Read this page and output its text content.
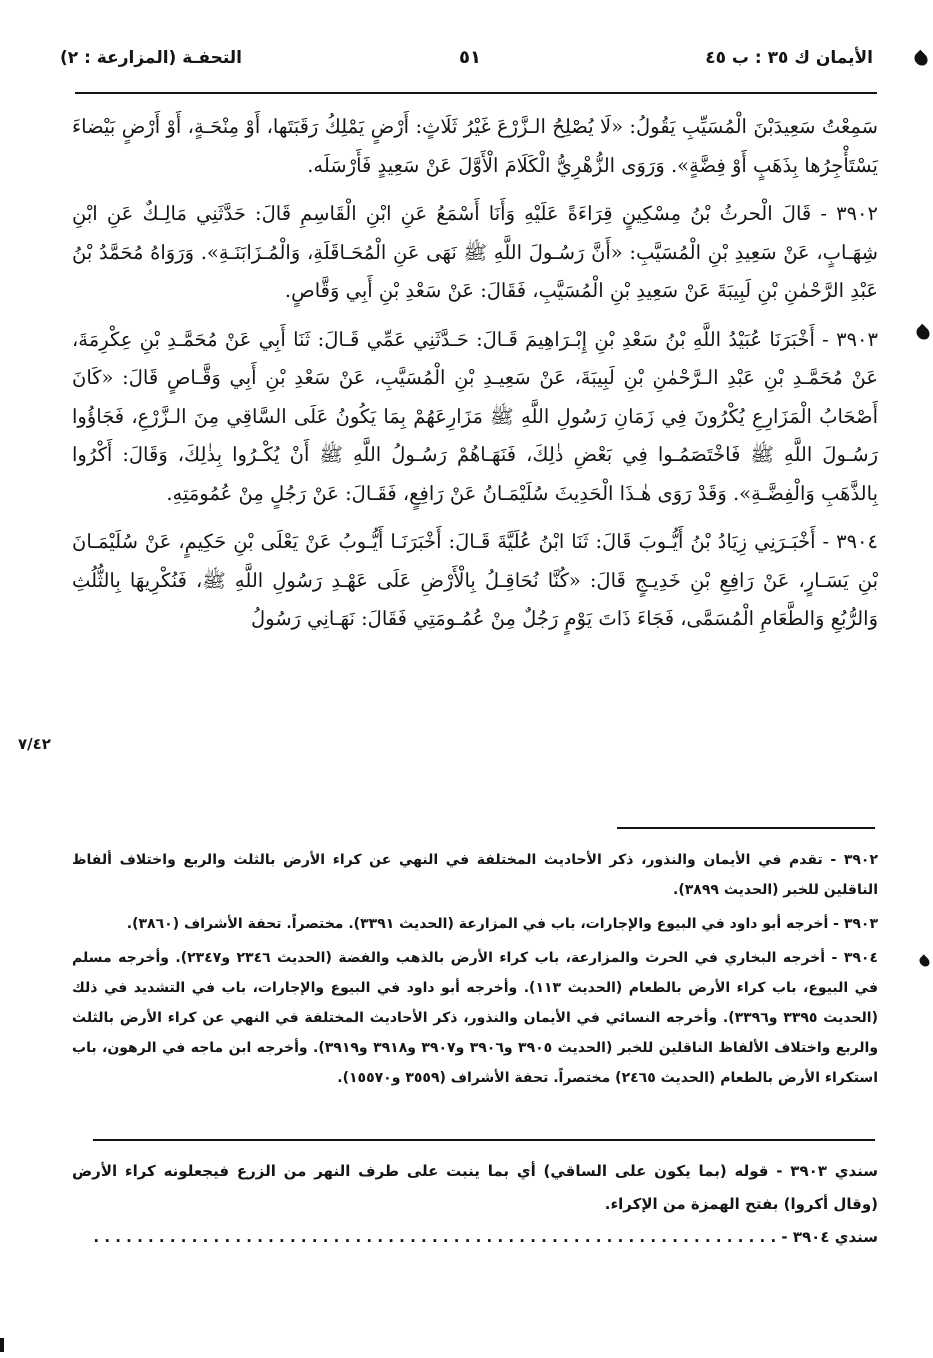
الأيمان ك ٣٥ : ب ٤٥
٥١
التحفـة (المزارعة : ٢)

سَمِعْتُ سَعِيدَبْنَ الْمُسَيِّبِ يَقُولُ: «لَا يُصْلِحُ الـزَّرْعَ غَيْرُ ثَلَاثٍ: أَرْضٍ يَمْلِكُ رَقَبَتَها، أَوْ مِنْحَـةٍ، أَوْ أَرْضٍ بَيْضاءَ يَسْتَأْجِرُها بِذَهَبٍ أَوْ فِضَّةٍ». وَرَوَى الزُّهْرِيُّ الْكَلَامَ الْأَوَّلَ عَنْ سَعِيدٍ فَأَرْسَلَه.

٣٩٠٢ - قَالَ الْحرثُ بْنُ مِسْكِينٍ قِرَاءَةً عَلَيْهِ وَأَنَا أَسْمَعُ عَنِ ابْنِ الْقَاسِمِ قَالَ: حَدَّثَنِي مَالِـكٌ عَنِ ابْنِ شِهَـابٍ، عَنْ سَعِيدِ بْنِ الْمُسَيَّبِ: «أَنَّ رَسُـولَ اللَّهِ ﷺ نَهَى عَنِ الْمُحَـاقَلَةِ، وَالْمُـزَابَنَـةِ». وَرَوَاهُ مُحَمَّدُ بْنُ عَبْدِ الرَّحْمٰنِ بْنِ لَبِيبَةَ عَنْ سَعِيدِ بْنِ الْمُسَيَّبِ، فَقَالَ: عَنْ سَعْدِ بْنِ أَبِي وَقَّاصٍ.

٣٩٠٣ - أَخْبَرَنَا عُبَيْدُ اللَّهِ بْنُ سَعْدِ بْنِ إِبْـرَاهِيمَ قَـالَ: حَـدَّثَنِي عَمِّي قَـالَ: ثَنَا أَبِي عَنْ مُحَمَّـدِ بْنِ عِكْرِمَةَ، عَنْ مُحَمَّـدِ بْنِ عَبْدِ الـرَّحْمٰنِ بْنِ لَبِيبَةَ، عَنْ سَعِيـدِ بْنِ الْمُسَيَّبِ، عَنْ سَعْدِ بْنِ أَبِي وَقَّـاصٍ قَالَ: «كَانَ أَصْحَابُ الْمَزَارِعِ يُكْرُونَ فِي زَمَانِ رَسُولِ اللَّهِ ﷺ مَزَارِعَهُمْ بِمَا يَكُونُ عَلَى السَّاقِي مِنَ الـزَّرْعِ، فَجَاؤُوا رَسُـولَ اللَّهِ ﷺ فَاخْتَصَمُـوا فِي بَعْضِ ذٰلِكَ، فَنَهَـاهُمْ رَسُـولُ اللَّهِ ﷺ أَنْ يُكْـرُوا بِذٰلِكَ، وَقَالَ: أَكْرُوا بِالذَّهَبِ وَالْفِضَّـةِ». وَقَدْ رَوَى هٰـذَا الْحَدِيثَ سُلَيْمَـانُ عَنْ رَافِعٍ، فَقَـالَ: عَنْ رَجُلٍ مِنْ عُمُومَتِهِ.

٣٩٠٤ - أَخْبَـرَنِي زِيَادُ بْنُ أَيُّـوبَ قَالَ: ثَنَا ابْنُ عُلَيَّةَ قَـالَ: أَخْبَرَنَـا أَيُّـوبُ عَنْ يَعْلَى بْنِ حَكِيمٍ، عَنْ سُلَيْمَـانَ بْنِ يَسَـارٍ، عَنْ رَافِعِ بْنِ خَدِيـجٍ قَالَ: «كُنَّا نُحَاقِـلُ بِالْأَرْضِ عَلَى عَهْـدِ رَسُولِ اللَّهِ ﷺ، فَنُكْرِيهَا بِالثُّلُثِ وَالرُّبُعِ وَالطَّعَامِ الْمُسَمَّى، فَجَاءَ ذَاتَ يَوْمٍ رَجُلٌ مِنْ عُمُـومَتِي فَقَالَ: نَهَـانِي رَسُولُ

٧/٤٢

٣٩٠٢ - تقدم في الأيمان والنذور، ذكر الأحاديث المختلفة في النهي عن كراء الأرض بالثلث والربع واختلاف ألفاظ الناقلين للخبر (الحديث ٣٨٩٩).

٣٩٠٣ - أخرجه أبو داود في البيوع والإجارات، باب في المزارعة (الحديث ٣٣٩١). مختصراً. تحفة الأشراف (٣٨٦٠).

٣٩٠٤ - أخرجه البخاري في الحرث والمزارعة، باب كراء الأرض بالذهب والفضة (الحديث ٢٣٤٦ و٢٣٤٧). وأخرجه مسلم في البيوع، باب كراء الأرض بالطعام (الحديث ١١٣). وأخرجه أبو داود في البيوع والإجارات، باب في التشديد في ذلك (الحديث ٣٣٩٥ و٣٣٩٦). وأخرجه النسائي في الأيمان والنذور، ذكر الأحاديث المختلفة في النهي عن كراء الأرض بالثلث والربع واختلاف الألفاظ الناقلين للخبر (الحديث ٣٩٠٥ و٣٩٠٦ و٣٩٠٧ و٣٩١٨ و٣٩١٩). وأخرجه ابن ماجه في الرهون، باب استكراء الأرض بالطعام (الحديث ٢٤٦٥) مختصراً. تحفة الأشراف (٣٥٥٩ و١٥٥٧٠).

سندي ٣٩٠٣ - قوله (بما يكون على الساقي) أي بما ينبت على طرف النهر من الزرع فيجعلونه كراء الأرض (وقال أكروا) بفتح الهمزة من الإكراء.

سندي ٣٩٠٤ - . . . . . . . . . . . . . . . . . . . . . . . . . . . . . . . . . . . . . . . . . . . . . . . . . . . . . . . . . . . . . . .
